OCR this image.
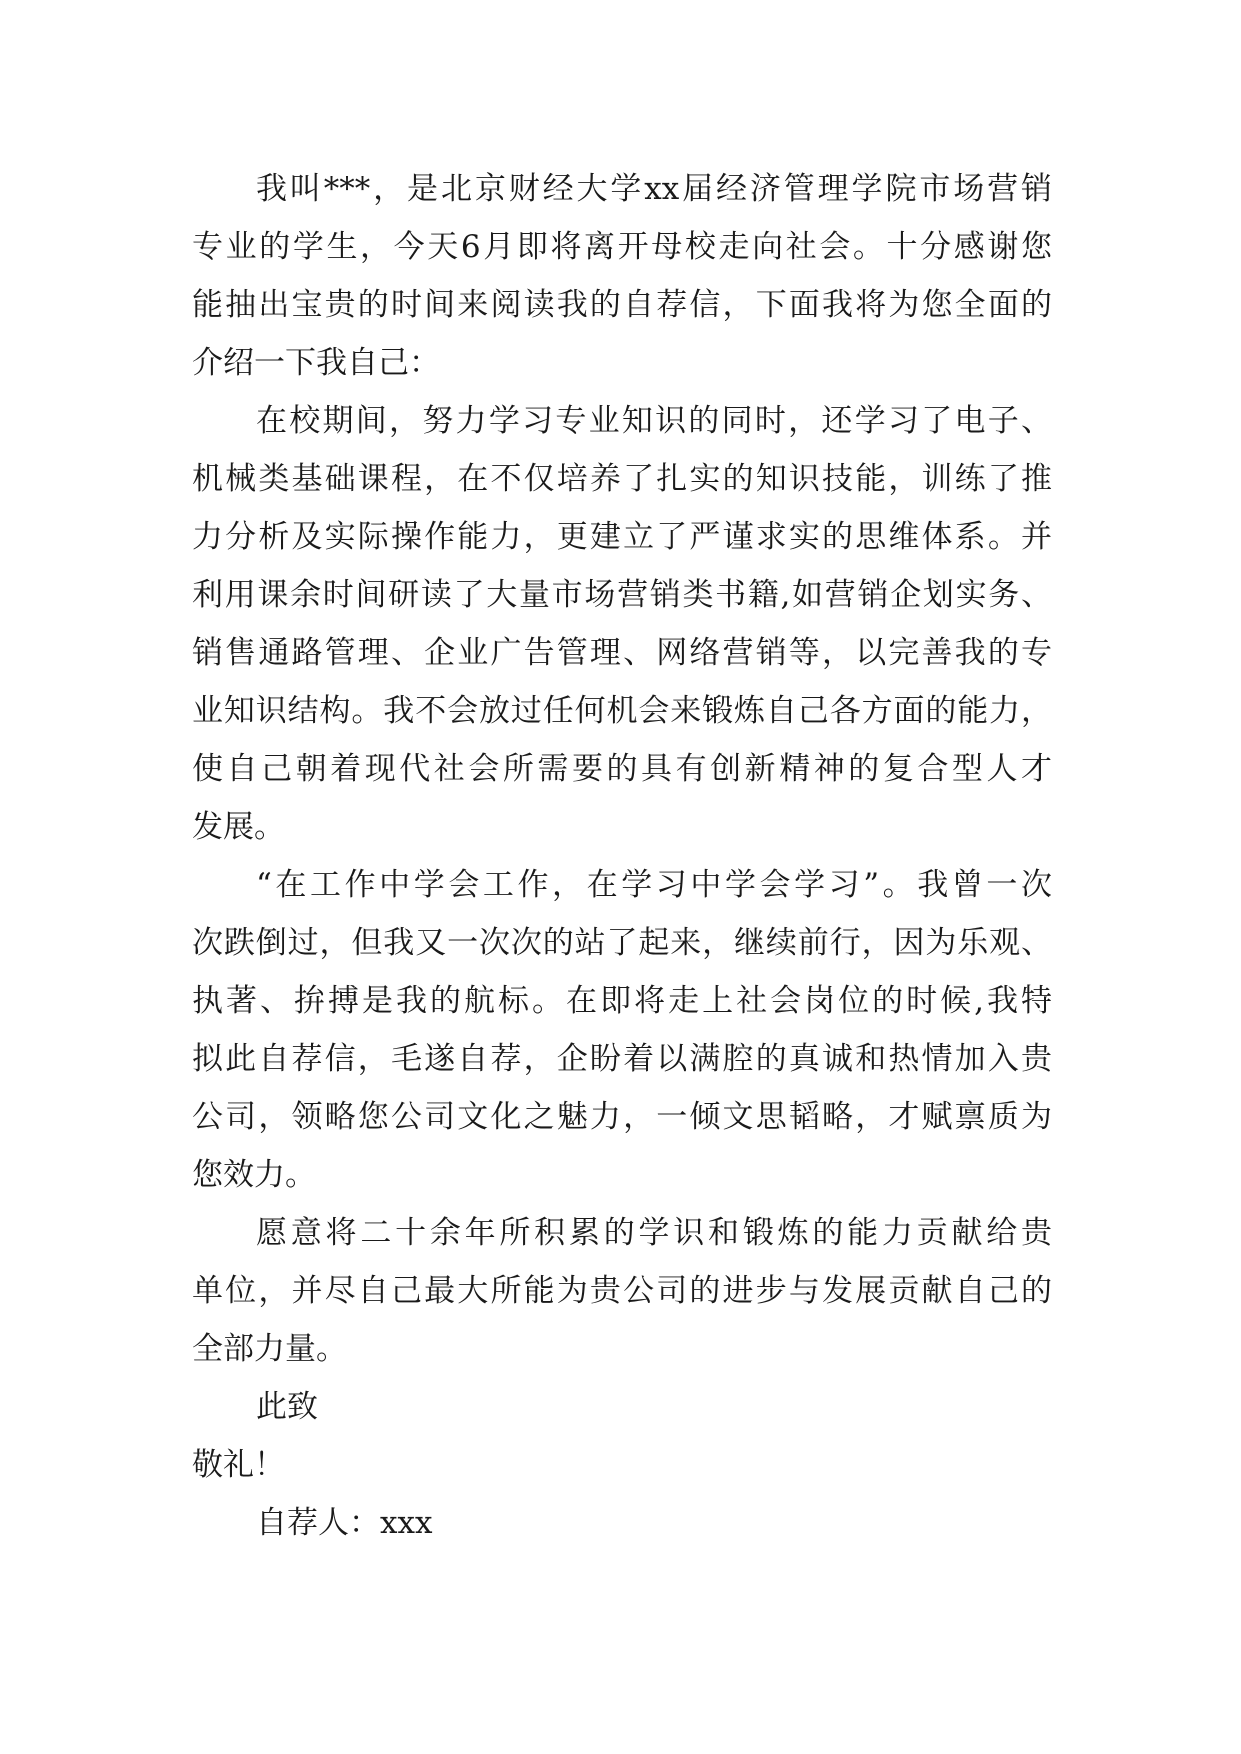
我叫***，是北京财经大学xx届经济管理学院市场营销
专业的学生，今天6月即将离开母校走向社会。十分感谢您
能抽出宝贵的时间来阅读我的自荐信，下面我将为您全面的
介绍一下我自己：
在校期间，努力学习专业知识的同时，还学习了电子、
机械类基础课程，在不仅培养了扎实的知识技能，训练了推
力分析及实际操作能力，更建立了严谨求实的思维体系。并
利用课余时间研读了大量市场营销类书籍,如营销企划实务、
销售通路管理、企业广告管理、网络营销等，以完善我的专
业知识结构。我不会放过任何机会来锻炼自己各方面的能力，
使自己朝着现代社会所需要的具有创新精神的复合型人才
发展。
“在工作中学会工作，在学习中学会学习”。我曾一次
次跌倒过，但我又一次次的站了起来，继续前行，因为乐观、
执著、拚搏是我的航标。在即将走上社会岗位的时候,我特
拟此自荐信，毛遂自荐，企盼着以满腔的真诚和热情加入贵
公司，领略您公司文化之魅力，一倾文思韬略，才赋禀质为
您效力。
愿意将二十余年所积累的学识和锻炼的能力贡献给贵
单位，并尽自己最大所能为贵公司的进步与发展贡献自己的
全部力量。
此致
敬礼！
自荐人：xxx
